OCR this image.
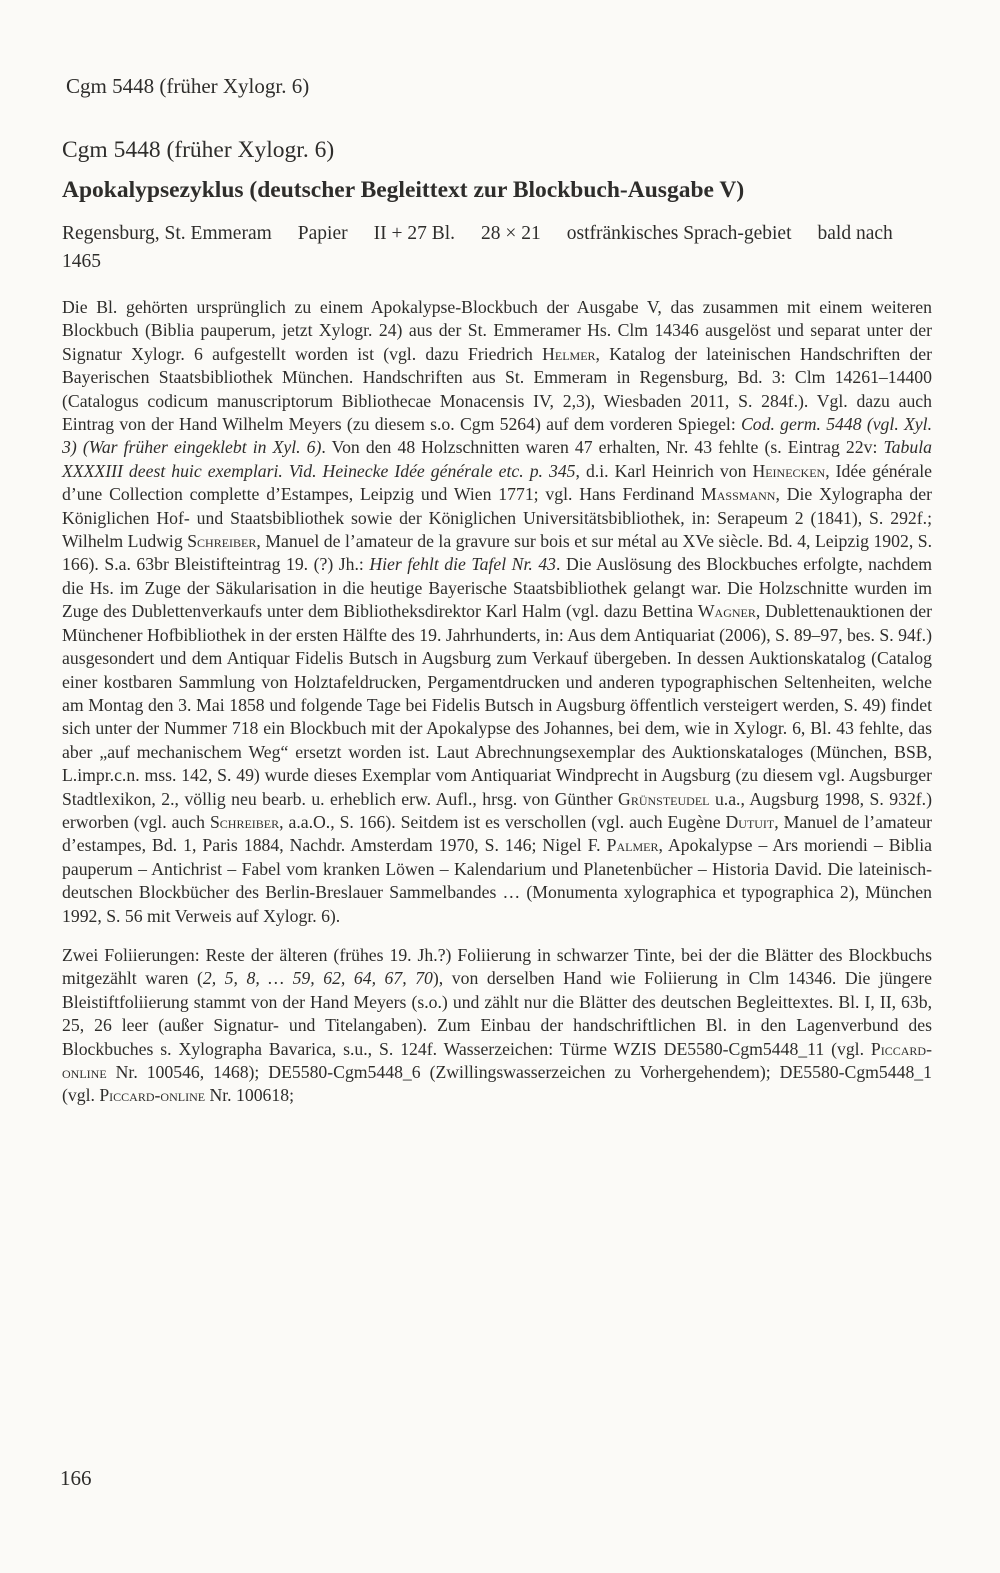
Cgm 5448 (früher Xylogr. 6)
Cgm 5448 (früher Xylogr. 6)
Apokalypsezyklus (deutscher Begleittext zur Blockbuch-Ausgabe V)

Regensburg, St. Emmeram Papier II + 27 Bl. 28 × 21 ostfränkisches Sprach-gebiet bald nach 1465

Die Bl. gehörten ursprünglich zu einem Apokalypse-Blockbuch der Ausgabe V, das zusammen mit einem weiteren Blockbuch (Biblia pauperum, jetzt Xylogr. 24) aus der St. Emmeramer Hs. Clm 14346 ausgelöst und separat unter der Signatur Xylogr. 6 aufgestellt worden ist (vgl. dazu Friedrich Helmer, Katalog der lateinischen Handschriften der Bayerischen Staatsbibliothek München. Handschriften aus St. Emmeram in Regensburg, Bd. 3: Clm 14261–14400 (Catalogus codicum manuscriptorum Bibliothecae Monacensis IV, 2,3), Wiesbaden 2011, S. 284f.). Vgl. dazu auch Eintrag von der Hand Wilhelm Meyers (zu diesem s.o. Cgm 5264) auf dem vorderen Spiegel: Cod. germ. 5448 (vgl. Xyl. 3) (War früher eingeklebt in Xyl. 6). Von den 48 Holzschnitten waren 47 erhalten, Nr. 43 fehlte (s. Eintrag 22v: Tabula XXXXIII deest huic exemplari. Vid. Heinecke Idée générale etc. p. 345, d.i. Karl Heinrich von Heinecken, Idée générale d’une Collection complette d’Estampes, Leipzig und Wien 1771; vgl. Hans Ferdinand Massmann, Die Xylographa der Königlichen Hof- und Staatsbibliothek sowie der Königlichen Universitätsbibliothek, in: Serapeum 2 (1841), S. 292f.; Wilhelm Ludwig Schreiber, Manuel de l’amateur de la gravure sur bois et sur métal au XVe siècle. Bd. 4, Leipzig 1902, S. 166). S.a. 63br Bleistifteintrag 19. (?) Jh.: Hier fehlt die Tafel Nr. 43. Die Auslösung des Blockbuches erfolgte, nachdem die Hs. im Zuge der Säkularisation in die heutige Bayerische Staatsbibliothek gelangt war. Die Holzschnitte wurden im Zuge des Dublettenverkaufs unter dem Bibliotheksdirektor Karl Halm (vgl. dazu Bettina Wagner, Dublettenauktionen der Münchener Hofbibliothek in der ersten Hälfte des 19. Jahrhunderts, in: Aus dem Antiquariat (2006), S. 89–97, bes. S. 94f.) ausgesondert und dem Antiquar Fidelis Butsch in Augsburg zum Verkauf übergeben. In dessen Auktionskatalog (Catalog einer kostbaren Sammlung von Holztafeldrucken, Pergamentdrucken und anderen typographischen Seltenheiten, welche am Montag den 3. Mai 1858 und folgende Tage bei Fidelis Butsch in Augsburg öffentlich versteigert werden, S. 49) findet sich unter der Nummer 718 ein Blockbuch mit der Apokalypse des Johannes, bei dem, wie in Xylogr. 6, Bl. 43 fehlte, das aber „auf mechanischem Weg“ ersetzt worden ist. Laut Abrechnungsexemplar des Auktionskataloges (München, BSB, L.impr.c.n. mss. 142, S. 49) wurde dieses Exemplar vom Antiquariat Windprecht in Augsburg (zu diesem vgl. Augsburger Stadtlexikon, 2., völlig neu bearb. u. erheblich erw. Aufl., hrsg. von Günther Grünsteudel u.a., Augsburg 1998, S. 932f.) erworben (vgl. auch Schreiber, a.a.O., S. 166). Seitdem ist es verschollen (vgl. auch Eugène Dutuit, Manuel de l’amateur d’estampes, Bd. 1, Paris 1884, Nachdr. Amsterdam 1970, S. 146; Nigel F. Palmer, Apokalypse – Ars moriendi – Biblia pauperum – Antichrist – Fabel vom kranken Löwen – Kalendarium und Planetenbücher – Historia David. Die lateinisch-deutschen Blockbücher des Berlin-Breslauer Sammelbandes … (Monumenta xylographica et typographica 2), München 1992, S. 56 mit Verweis auf Xylogr. 6).

Zwei Foliierungen: Reste der älteren (frühes 19. Jh.?) Foliierung in schwarzer Tinte, bei der die Blätter des Blockbuchs mitgezählt waren (2, 5, 8, … 59, 62, 64, 67, 70), von derselben Hand wie Foliierung in Clm 14346. Die jüngere Bleistiftfoliierung stammt von der Hand Meyers (s.o.) und zählt nur die Blätter des deutschen Begleittextes. Bl. I, II, 63b, 25, 26 leer (außer Signatur- und Titelangaben). Zum Einbau der handschriftlichen Bl. in den Lagenverbund des Blockbuches s. Xylographa Bavarica, s.u., S. 124f. Wasserzeichen: Türme WZIS DE5580-Cgm5448_11 (vgl. Piccard-online Nr. 100546, 1468); DE5580-Cgm5448_6 (Zwillingswasserzeichen zu Vorhergehendem); DE5580-Cgm5448_1 (vgl. Piccard-online Nr. 100618;

166
